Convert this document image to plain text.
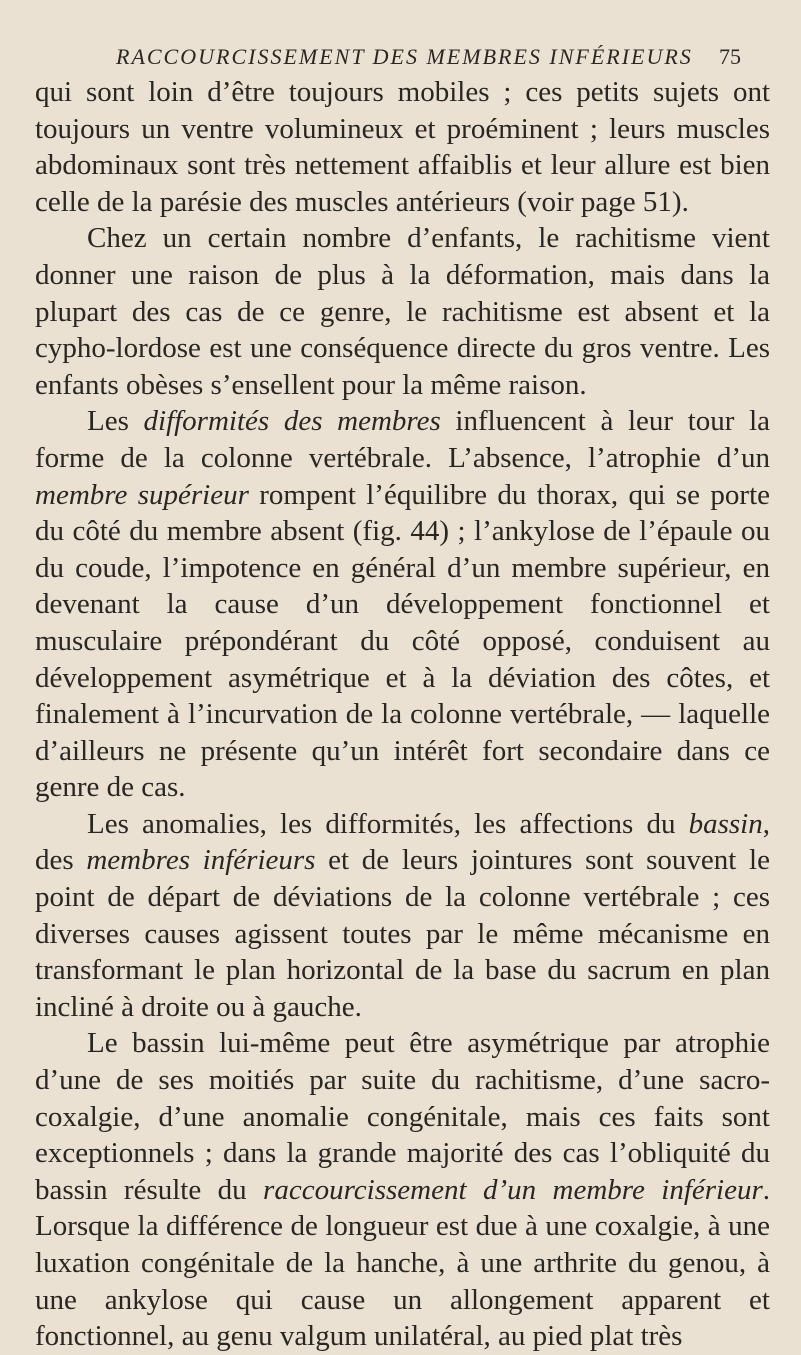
RACCOURCISSEMENT DES MEMBRES INFÉRIEURS 75

qui sont loin d’être toujours mobiles ; ces petits sujets ont toujours un ventre volumineux et proéminent ; leurs muscles abdominaux sont très nettement affaiblis et leur allure est bien celle de la parésie des muscles antérieurs (voir page 51).

Chez un certain nombre d’enfants, le rachitisme vient donner une raison de plus à la déformation, mais dans la plupart des cas de ce genre, le rachitisme est absent et la cyphо-lordose est une conséquence directe du gros ventre. Les enfants obèses s’ensellent pour la même raison.

Les difformités des membres influencent à leur tour la forme de la colonne vertébrale. L’absence, l’atrophie d’un membre supérieur rompent l’équilibre du thorax, qui se porte du côté du membre absent (fig. 44) ; l’ankylose de l’épaule ou du coude, l’impotence en général d’un membre supérieur, en devenant la cause d’un développement fonctionnel et musculaire prépondérant du côté opposé, conduisent au développement asymétrique et à la déviation des côtes, et finalement à l’incurvation de la colonne vertébrale, — laquelle d’ailleurs ne présente qu’un intérêt fort secondaire dans ce genre de cas.

Les anomalies, les difformités, les affections du bassin, des membres inférieurs et de leurs jointures sont souvent le point de départ de déviations de la colonne vertébrale ; ces diverses causes agissent toutes par le même mécanisme en transformant le plan horizontal de la base du sacrum en plan incliné à droite ou à gauche.

Le bassin lui-même peut être asymétrique par atrophie d’une de ses moitiés par suite du rachitisme, d’une sacro-coxalgie, d’une anomalie congénitale, mais ces faits sont exceptionnels ; dans la grande majorité des cas l’obliquité du bassin résulte du raccourcissement d’un membre inférieur. Lorsque la différence de longueur est due à une coxalgie, à une luxation congénitale de la hanche, à une arthrite du genou, à une ankylose qui cause un allongement apparent et fonctionnel, au genu valgum unilatéral, au pied plat très
